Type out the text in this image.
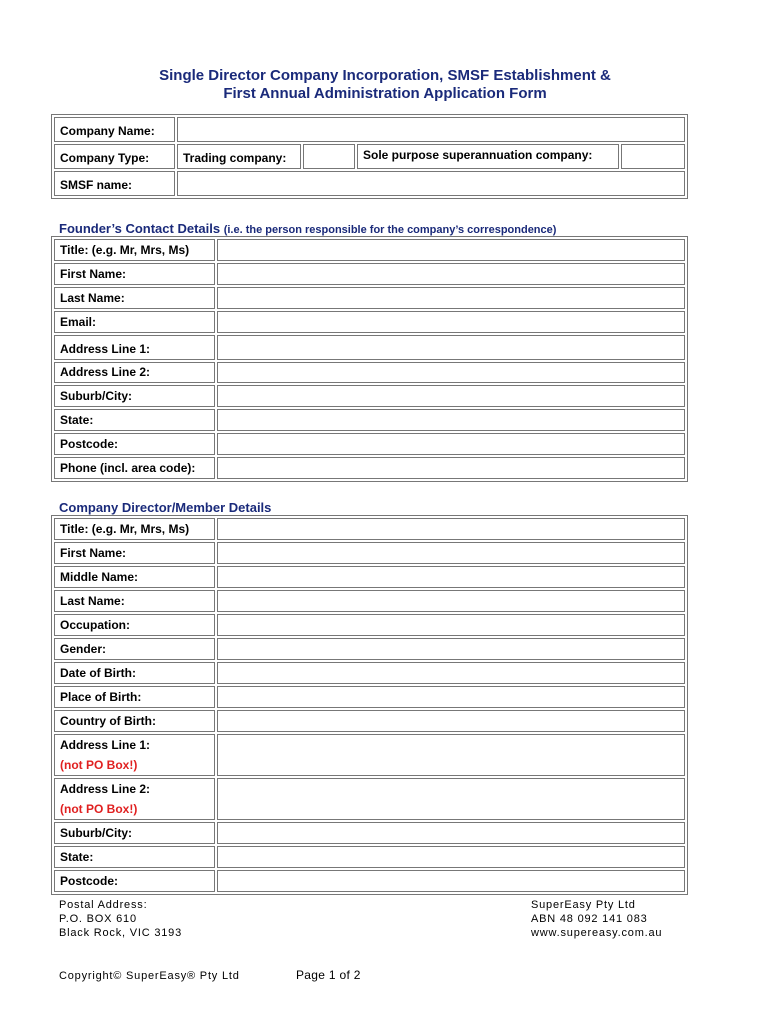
Single Director Company Incorporation, SMSF Establishment &
First Annual Administration Application Form
Company Name:				
Company Type:	Trading company:		Sole purpose superannuation company:	
SMSF name:				
Founder’s Contact Details (i.e. the person responsible for the company’s correspondence)
Title: (e.g. Mr, Mrs, Ms)	
First Name:	
Last Name:	
Email:	
Address Line 1:	
Address Line 2:	
Suburb/City:	
State:	
Postcode:	
Phone (incl. area code):	
Company Director/Member Details
Title: (e.g. Mr, Mrs, Ms)	
First Name:	
Middle Name:	
Last Name:	
Occupation:	
Gender:	
Date of Birth:	
Place of Birth:	
Country of Birth:	
Address Line 1:
(not PO Box!)	

Address Line 2:
(not PO Box!)	

Suburb/City:	
State:	
Postcode:	
Postal Address:
P.O. BOX 610
Black Rock, VIC 3193
SuperEasy Pty Ltd
ABN 48 092 141 083
www.supereasy.com.au
Copyright© SuperEasy® Pty Ltd	Page 1 of 2
